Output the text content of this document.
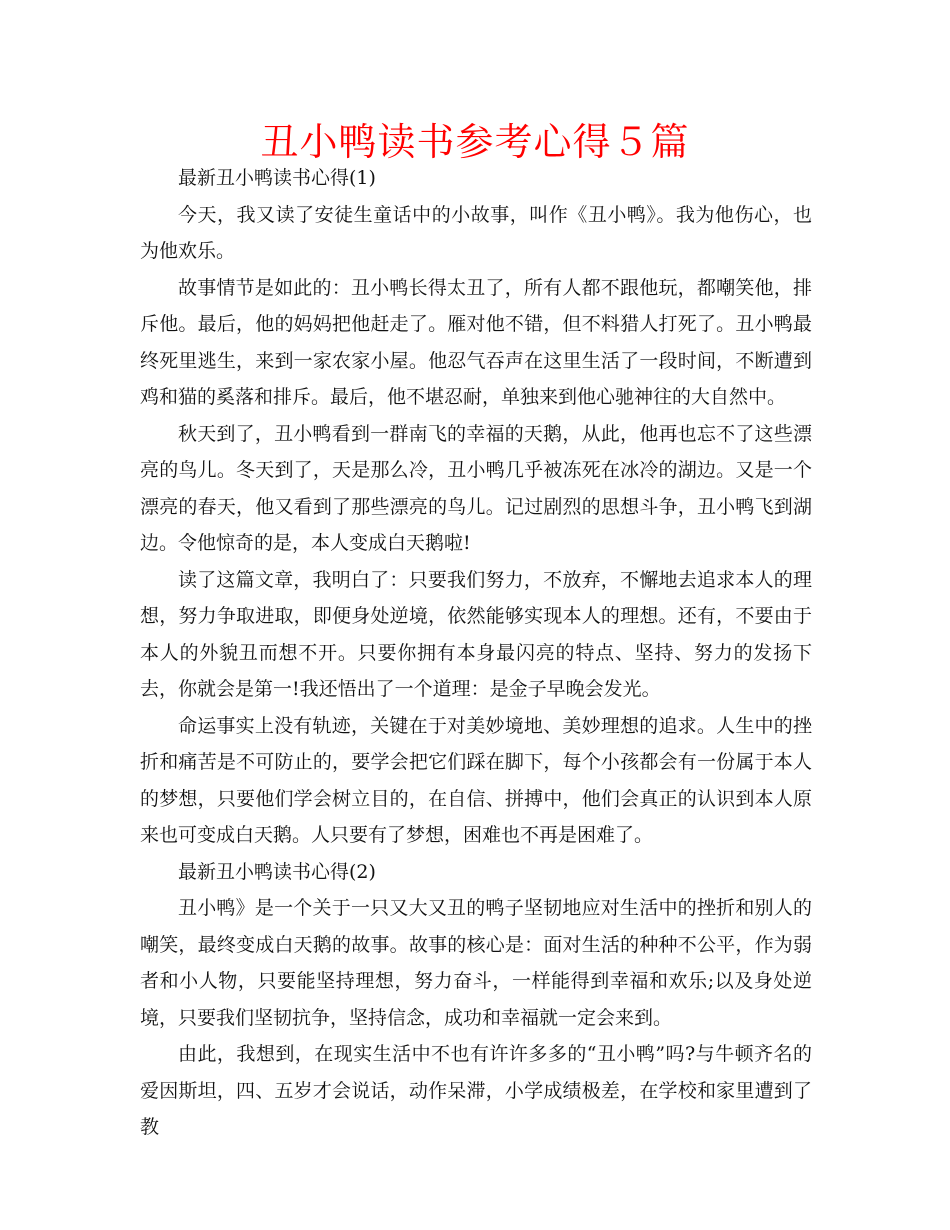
丑小鸭读书参考心得５篇

最新丑小鸭读书心得(1)

今天，我又读了安徒生童话中的小故事，叫作《丑小鸭》。我为他伤心，也为他欢乐。

故事情节是如此的：丑小鸭长得太丑了，所有人都不跟他玩，都嘲笑他，排斥他。最后，他的妈妈把他赶走了。雁对他不错，但不料猎人打死了。丑小鸭最终死里逃生，来到一家农家小屋。他忍气吞声在这里生活了一段时间，不断遭到鸡和猫的奚落和排斥。最后，他不堪忍耐，单独来到他心驰神往的大自然中。

秋天到了，丑小鸭看到一群南飞的幸福的天鹅，从此，他再也忘不了这些漂亮的鸟儿。冬天到了，天是那么冷，丑小鸭几乎被冻死在冰冷的湖边。又是一个漂亮的春天，他又看到了那些漂亮的鸟儿。记过剧烈的思想斗争，丑小鸭飞到湖边。令他惊奇的是，本人变成白天鹅啦!

读了这篇文章，我明白了：只要我们努力，不放弃，不懈地去追求本人的理想，努力争取进取，即便身处逆境，依然能够实现本人的理想。还有，不要由于本人的外貌丑而想不开。只要你拥有本身最闪亮的特点、坚持、努力的发扬下去，你就会是第一!我还悟出了一个道理：是金子早晚会发光。

命运事实上没有轨迹，关键在于对美妙境地、美妙理想的追求。人生中的挫折和痛苦是不可防止的，要学会把它们踩在脚下，每个小孩都会有一份属于本人的梦想，只要他们学会树立目的，在自信、拼搏中，他们会真正的认识到本人原来也可变成白天鹅。人只要有了梦想，困难也不再是困难了。

最新丑小鸭读书心得(2)

丑小鸭》是一个关于一只又大又丑的鸭子坚韧地应对生活中的挫折和别人的嘲笑，最终变成白天鹅的故事。故事的核心是：面对生活的种种不公平，作为弱者和小人物，只要能坚持理想，努力奋斗，一样能得到幸福和欢乐;以及身处逆境，只要我们坚韧抗争，坚持信念，成功和幸福就一定会来到。

由此，我想到，在现实生活中不也有许许多多的“丑小鸭”吗?与牛顿齐名的爱因斯坦，四、五岁才会说话，动作呆滞，小学成绩极差，在学校和家里遭到了教
